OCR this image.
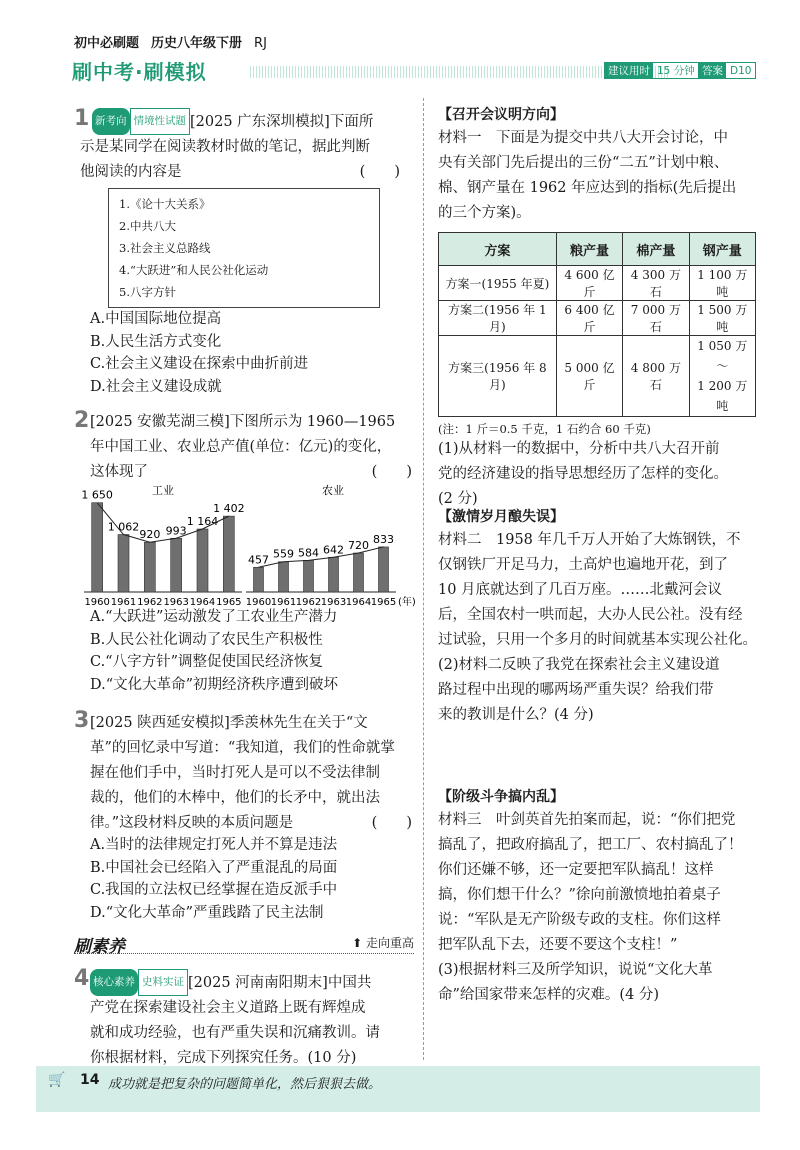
初中必刷题 历史八年级下册 RJ
刷中考·刷模拟	建议用时 15 分钟 答案 D10
1 新考向 情境性试题 [2025 广东深圳模拟]下面所
示是某同学在阅读教材时做的笔记，据此判断
他阅读的内容是	(　　)
1.《论十大关系》
2.中共八大
3.社会主义总路线
4.“大跃进”和人民公社化运动
5.八字方针
A.中国国际地位提高
B.人民生活方式变化
C.社会主义建设在探索中曲折前进
D.社会主义建设成就
2 [2025 安徽芜湖三模]下图所示为 1960—1965
年中国工业、农业总产值(单位：亿元)的变化，
这体现了	(　　)
工业
1 650
1960
1 062
1961
920
1962
993
1963
1 164
1964
1 402
1965
农业
457
1960
559
1961
584
1962
642
1963
720
1964
833
1965 (年)
A.“大跃进”运动激发了工农业生产潜力
B.人民公社化调动了农民生产积极性
C.“八字方针”调整促使国民经济恢复
D.“文化大革命”初期经济秩序遭到破坏
3 [2025 陕西延安模拟]季羡林先生在关于“文
革”的回忆录中写道：“我知道，我们的性命就掌
握在他们手中，当时打死人是可以不受法律制
裁的，他们的木棒中，他们的长矛中，就出法
律。”这段材料反映的本质问题是	(　　)
A.当时的法律规定打死人并不算是违法
B.中国社会已经陷入了严重混乱的局面
C.我国的立法权已经掌握在造反派手中
D.“文化大革命”严重践踏了民主法制
刷素养	⬆ 走向重高
4 核心素养 史料实证 [2025 河南南阳期末]中国共
产党在探索建设社会主义道路上既有辉煌成
就和成功经验，也有严重失误和沉痛教训。请
你根据材料，完成下列探究任务。(10 分)
【召开会议明方向】
材料一　下面是为提交中共八大开会讨论，中
央有关部门先后提出的三份“二五”计划中粮、
棉、钢产量在 1962 年应达到的指标(先后提出
的三个方案)。
方案	粮产量	棉产量	钢产量
方案一(1955 年夏)	4 600 亿斤	4 300 万石	1 100 万吨
方案二(1956 年 1 月)	6 400 亿斤	7 000 万石	1 500 万吨
方案三(1956 年 8 月)	5 000 亿斤	4 800 万石	1 050 万～
1 200 万吨
(注：1 斤＝0.5 千克，1 石约合 60 千克)
(1)从材料一的数据中，分析中共八大召开前
党的经济建设的指导思想经历了怎样的变化。
(2 分)
【激情岁月酿失误】
材料二　1958 年几千万人开始了大炼钢铁，不
仅钢铁厂开足马力，土高炉也遍地开花，到了
10 月底就达到了几百万座。……北戴河会议
后，全国农村一哄而起，大办人民公社。没有经
过试验，只用一个多月的时间就基本实现公社化。
(2)材料二反映了我党在探索社会主义建设道
路过程中出现的哪两场严重失误？给我们带
来的教训是什么？(4 分)
【阶级斗争搞内乱】
材料三　叶剑英首先拍案而起，说：“你们把党
搞乱了，把政府搞乱了，把工厂、农村搞乱了！
你们还嫌不够，还一定要把军队搞乱！这样
搞，你们想干什么？”徐向前激愤地拍着桌子
说：“军队是无产阶级专政的支柱。你们这样
把军队乱下去，还要不要这个支柱！”
(3)根据材料三及所学知识，说说“文化大革
命”给国家带来怎样的灾难。(4 分)
🛒 14 成功就是把复杂的问题简单化，然后狠狠去做。
